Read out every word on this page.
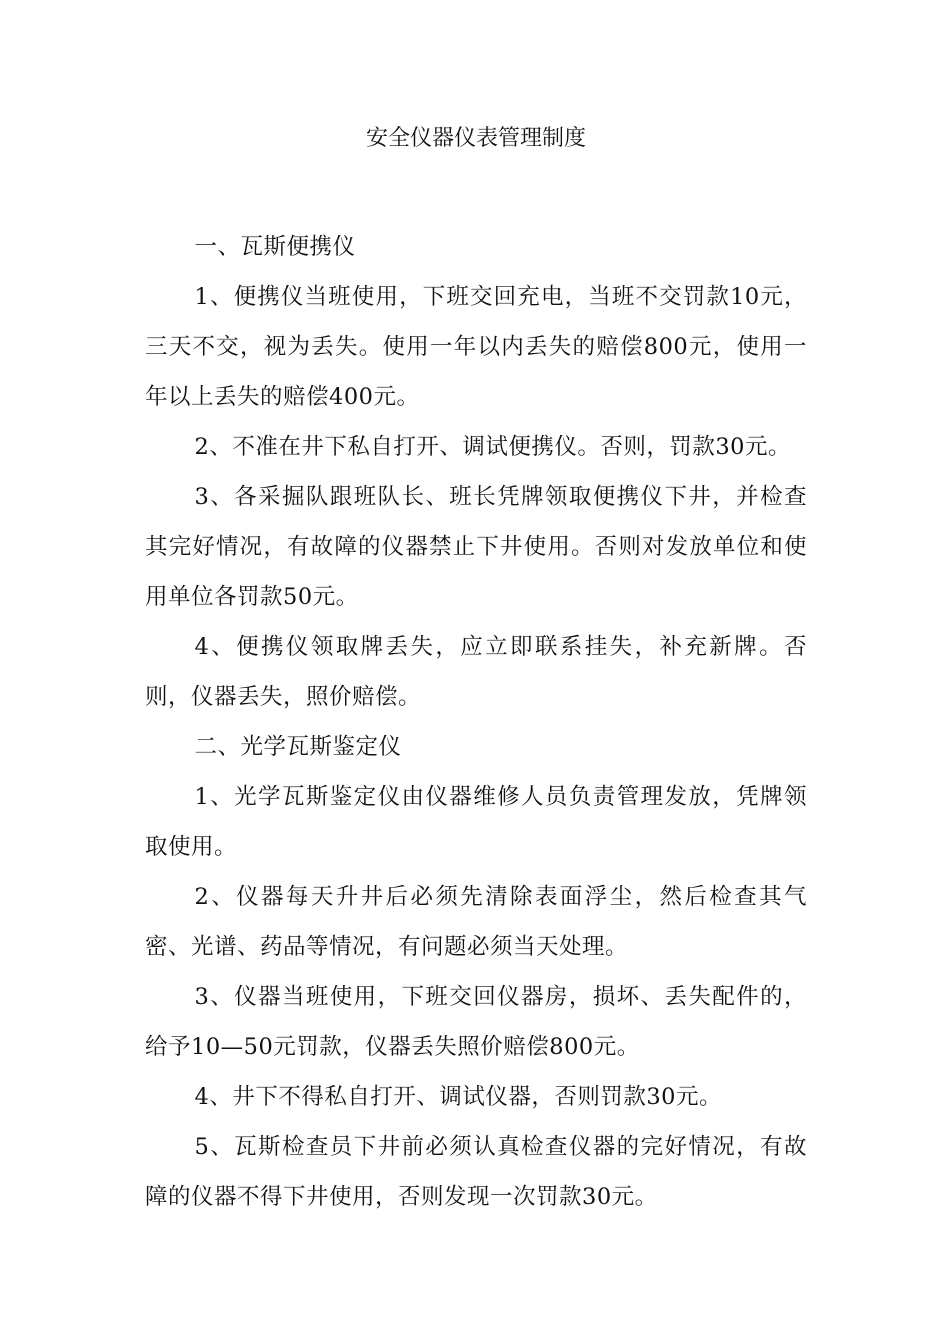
安全仪器仪表管理制度

一、瓦斯便携仪

1、便携仪当班使用，下班交回充电，当班不交罚款10元，三天不交，视为丢失。使用一年以内丢失的赔偿800元，使用一年以上丢失的赔偿400元。

2、不准在井下私自打开、调试便携仪。否则，罚款30元。

3、各采掘队跟班队长、班长凭牌领取便携仪下井，并检查其完好情况，有故障的仪器禁止下井使用。否则对发放单位和使用单位各罚款50元。

4、便携仪领取牌丢失，应立即联系挂失，补充新牌。否则，仪器丢失，照价赔偿。

二、光学瓦斯鉴定仪

1、光学瓦斯鉴定仪由仪器维修人员负责管理发放，凭牌领取使用。

2、仪器每天升井后必须先清除表面浮尘，然后检查其气密、光谱、药品等情况，有问题必须当天处理。

3、仪器当班使用，下班交回仪器房，损坏、丢失配件的，给予10—50元罚款，仪器丢失照价赔偿800元。

4、井下不得私自打开、调试仪器，否则罚款30元。

5、瓦斯检查员下井前必须认真检查仪器的完好情况，有故障的仪器不得下井使用，否则发现一次罚款30元。
